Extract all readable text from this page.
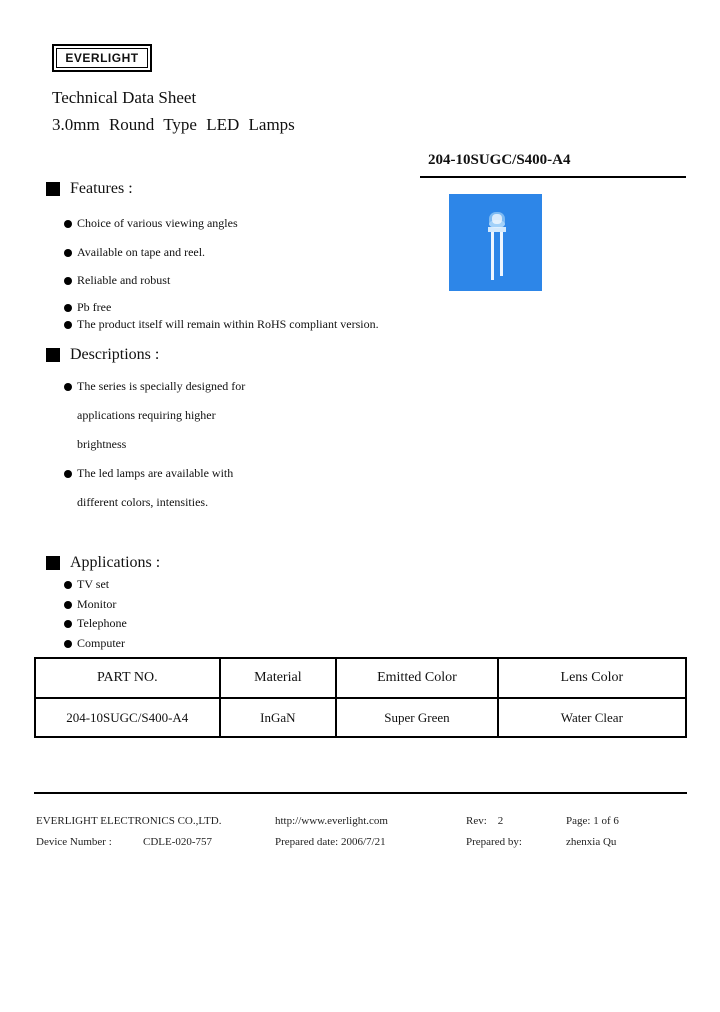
EVERLIGHT
Technical Data Sheet
3.0mm Round Type LED Lamps
204-10SUGC/S400-A4
Features :
Choice of various viewing angles
Available on tape and reel.
Reliable and robust
Pb free
The product itself will remain within RoHS compliant version.
Descriptions :
The series is specially designed for
applications requiring higher
brightness
The led lamps are available with
different colors, intensities.
Applications :
TV set
Monitor
Telephone
Computer
PART NO.	Material	Emitted Color	Lens Color
204-10SUGC/S400-A4	InGaN	Super Green	Water Clear
EVERLIGHT ELECTRONICS CO.,LTD.	http://www.everlight.com	Rev:    2	Page: 1 of 6
Device Number :	CDLE-020-757	Prepared date: 2006/7/21	Prepared by:	zhenxia Qu
